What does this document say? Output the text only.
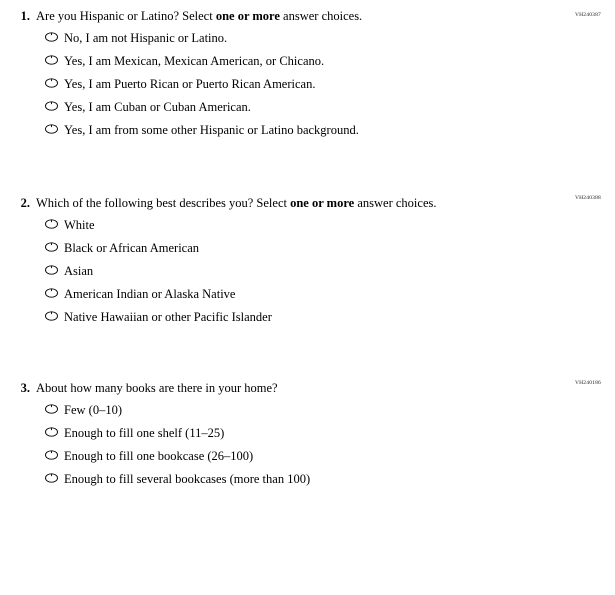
VH240387
1. Are you Hispanic or Latino? Select one or more answer choices.
No, I am not Hispanic or Latino.
Yes, I am Mexican, Mexican American, or Chicano.
Yes, I am Puerto Rican or Puerto Rican American.
Yes, I am Cuban or Cuban American.
Yes, I am from some other Hispanic or Latino background.
VH240388
2. Which of the following best describes you? Select one or more answer choices.
White
Black or African American
Asian
American Indian or Alaska Native
Native Hawaiian or other Pacific Islander
VH240186
3. About how many books are there in your home?
Few (0–10)
Enough to fill one shelf (11–25)
Enough to fill one bookcase (26–100)
Enough to fill several bookcases (more than 100)
